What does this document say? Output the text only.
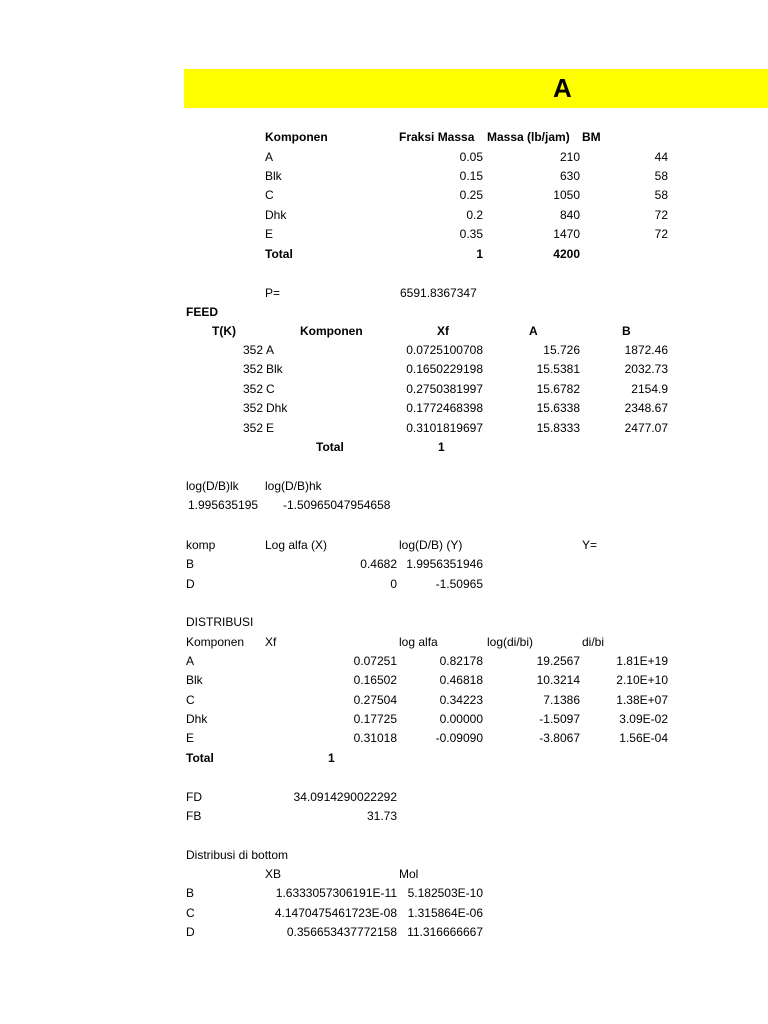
A
Komponen	Fraksi Massa Massa (lb/jam) BM
A	0.05	210	44
Blk	0.15	630	58
C	0.25	1050	58
Dhk	0.2	840	72
E	0.35	1470	72
Total	1	4200
P=	6591.8367347
FEED
T(K)	Komponen	Xf	A	B
352 A	0.0725100708	15.726	1872.46
352 Blk	0.1650229198	15.5381	2032.73
352 C	0.2750381997	15.6782	2154.9
352 Dhk	0.1772468398	15.6338	2348.67
352 E	0.3101819697	15.8333	2477.07
Total	1
log(D/B)lk log(D/B)hk
1.995635195 -1.50965047954658
komp	Log alfa (X)	log(D/B) (Y)	Y=
B	0.4682 1.9956351946
D	0	-1.50965
DISTRIBUSI
Komponen Xf	log alfa	log(di/bi)	di/bi
A	0.07251	0.82178	19.2567	1.81E+19
Blk	0.16502	0.46818	10.3214	2.10E+10
C	0.27504	0.34223	7.1386	1.38E+07
Dhk	0.17725	0.00000	-1.5097	3.09E-02
E	0.31018	-0.09090	-3.8067	1.56E-04
Total	1
FD	34.0914290022292
FB	31.73
Distribusi di bottom
XB	Mol
B	1.6333057306191E-11 5.182503E-10
C	4.1470475461723E-08 1.315864E-06
D	0.356653437772158 11.316666667
